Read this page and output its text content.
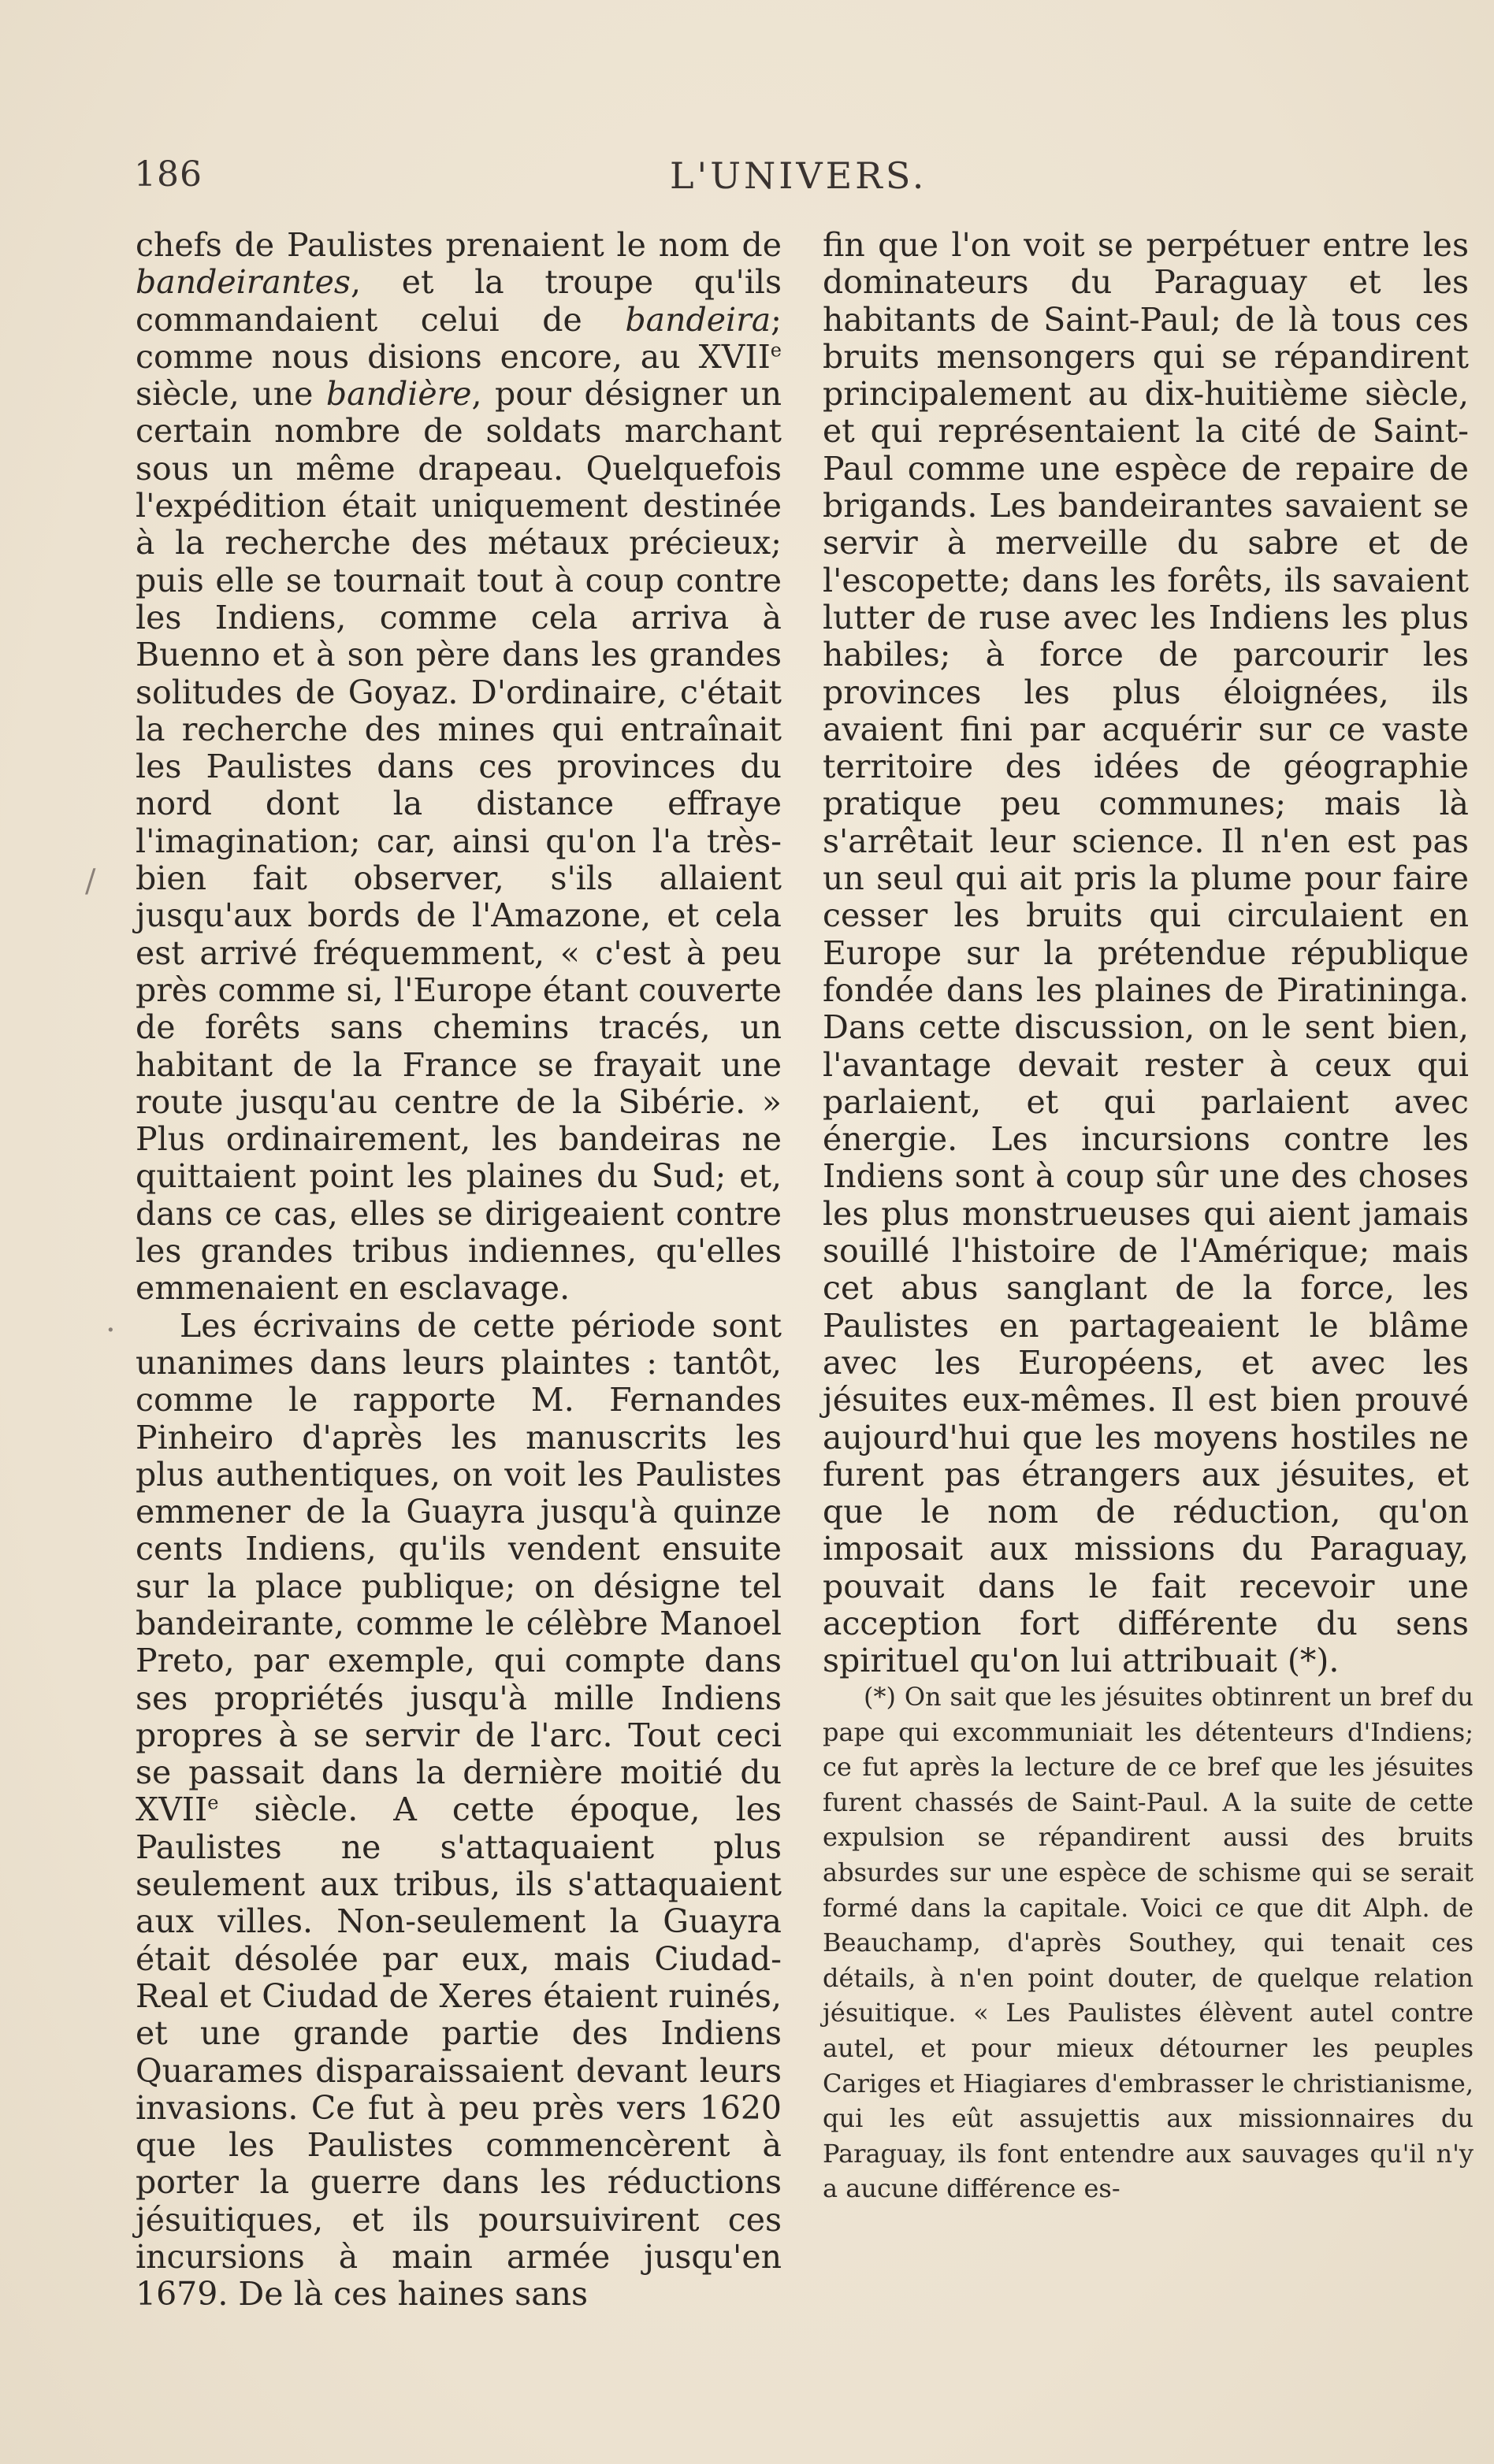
186	L'UNIVERS.

chefs de Paulistes prenaient le nom de bandeirantes, et la troupe qu'ils commandaient celui de bandeira; comme nous disions encore, au XVIIe siècle, une bandière, pour désigner un certain nombre de soldats marchant sous un même drapeau. Quelquefois l'expédition était uniquement destinée à la recherche des métaux précieux; puis elle se tournait tout à coup contre les Indiens, comme cela arriva à Buenno et à son père dans les grandes solitudes de Goyaz. D'ordinaire, c'était la recherche des mines qui entraînait les Paulistes dans ces provinces du nord dont la distance effraye l'imagination; car, ainsi qu'on l'a très-bien fait observer, s'ils allaient jusqu'aux bords de l'Amazone, et cela est arrivé fréquemment, « c'est à peu près comme si, l'Europe étant couverte de forêts sans chemins tracés, un habitant de la France se frayait une route jusqu'au centre de la Sibérie. » Plus ordinairement, les bandeiras ne quittaient point les plaines du Sud; et, dans ce cas, elles se dirigeaient contre les grandes tribus indiennes, qu'elles emmenaient en esclavage.

Les écrivains de cette période sont unanimes dans leurs plaintes : tantôt, comme le rapporte M. Fernandes Pinheiro d'après les manuscrits les plus authentiques, on voit les Paulistes emmener de la Guayra jusqu'à quinze cents Indiens, qu'ils vendent ensuite sur la place publique; on désigne tel bandeirante, comme le célèbre Manoel Preto, par exemple, qui compte dans ses propriétés jusqu'à mille Indiens propres à se servir de l'arc. Tout ceci se passait dans la dernière moitié du XVIIe siècle. A cette époque, les Paulistes ne s'attaquaient plus seulement aux tribus, ils s'attaquaient aux villes. Non-seulement la Guayra était désolée par eux, mais Ciudad-Real et Ciudad de Xeres étaient ruinés, et une grande partie des Indiens Quarames disparaissaient devant leurs invasions. Ce fut à peu près vers 1620 que les Paulistes commencèrent à porter la guerre dans les réductions jésuitiques, et ils poursuivirent ces incursions à main armée jusqu'en 1679. De là ces haines sans

fin que l'on voit se perpétuer entre les dominateurs du Paraguay et les habitants de Saint-Paul; de là tous ces bruits mensongers qui se répandirent principalement au dix-huitième siècle, et qui représentaient la cité de Saint-Paul comme une espèce de repaire de brigands. Les bandeirantes savaient se servir à merveille du sabre et de l'escopette; dans les forêts, ils savaient lutter de ruse avec les Indiens les plus habiles; à force de parcourir les provinces les plus éloignées, ils avaient fini par acquérir sur ce vaste territoire des idées de géographie pratique peu communes; mais là s'arrêtait leur science. Il n'en est pas un seul qui ait pris la plume pour faire cesser les bruits qui circulaient en Europe sur la prétendue république fondée dans les plaines de Piratininga. Dans cette discussion, on le sent bien, l'avantage devait rester à ceux qui parlaient, et qui parlaient avec énergie. Les incursions contre les Indiens sont à coup sûr une des choses les plus monstrueuses qui aient jamais souillé l'histoire de l'Amérique; mais cet abus sanglant de la force, les Paulistes en partageaient le blâme avec les Européens, et avec les jésuites eux-mêmes. Il est bien prouvé aujourd'hui que les moyens hostiles ne furent pas étrangers aux jésuites, et que le nom de réduction, qu'on imposait aux missions du Paraguay, pouvait dans le fait recevoir une acception fort différente du sens spirituel qu'on lui attribuait (*).

(*) On sait que les jésuites obtinrent un bref du pape qui excommuniait les détenteurs d'Indiens; ce fut après la lecture de ce bref que les jésuites furent chassés de Saint-Paul. A la suite de cette expulsion se répandirent aussi des bruits absurdes sur une espèce de schisme qui se serait formé dans la capitale. Voici ce que dit Alph. de Beauchamp, d'après Southey, qui tenait ces détails, à n'en point douter, de quelque relation jésuitique. « Les Paulistes élèvent autel contre autel, et pour mieux détourner les peuples Cariges et Hiagiares d'embrasser le christianisme, qui les eût assujettis aux missionnaires du Paraguay, ils font entendre aux sauvages qu'il n'y a aucune différence es-

/
·
